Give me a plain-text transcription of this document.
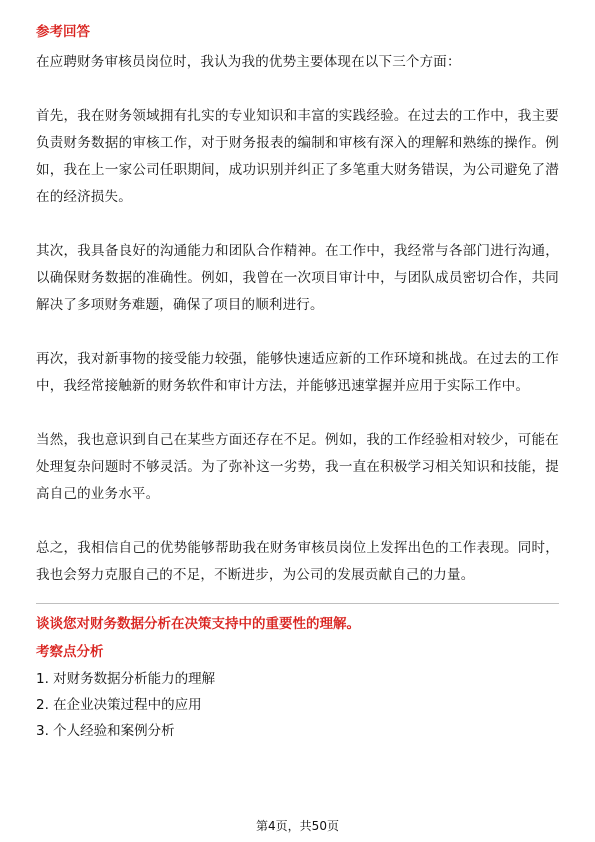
参考回答

在应聘财务审核员岗位时，我认为我的优势主要体现在以下三个方面：

首先，我在财务领域拥有扎实的专业知识和丰富的实践经验。在过去的工作中，我主要负责财务数据的审核工作，对于财务报表的编制和审核有深入的理解和熟练的操作。例如，我在上一家公司任职期间，成功识别并纠正了多笔重大财务错误，为公司避免了潜在的经济损失。

其次，我具备良好的沟通能力和团队合作精神。在工作中，我经常与各部门进行沟通，以确保财务数据的准确性。例如，我曾在一次项目审计中，与团队成员密切合作，共同解决了多项财务难题，确保了项目的顺利进行。

再次，我对新事物的接受能力较强，能够快速适应新的工作环境和挑战。在过去的工作中，我经常接触新的财务软件和审计方法，并能够迅速掌握并应用于实际工作中。

当然，我也意识到自己在某些方面还存在不足。例如，我的工作经验相对较少，可能在处理复杂问题时不够灵活。为了弥补这一劣势，我一直在积极学习相关知识和技能，提高自己的业务水平。

总之，我相信自己的优势能够帮助我在财务审核员岗位上发挥出色的工作表现。同时，我也会努力克服自己的不足，不断进步，为公司的发展贡献自己的力量。

谈谈您对财务数据分析在决策支持中的重要性的理解。
考察点分析
1. 对财务数据分析能力的理解
2. 在企业决策过程中的应用
3. 个人经验和案例分析
第4页，共50页
